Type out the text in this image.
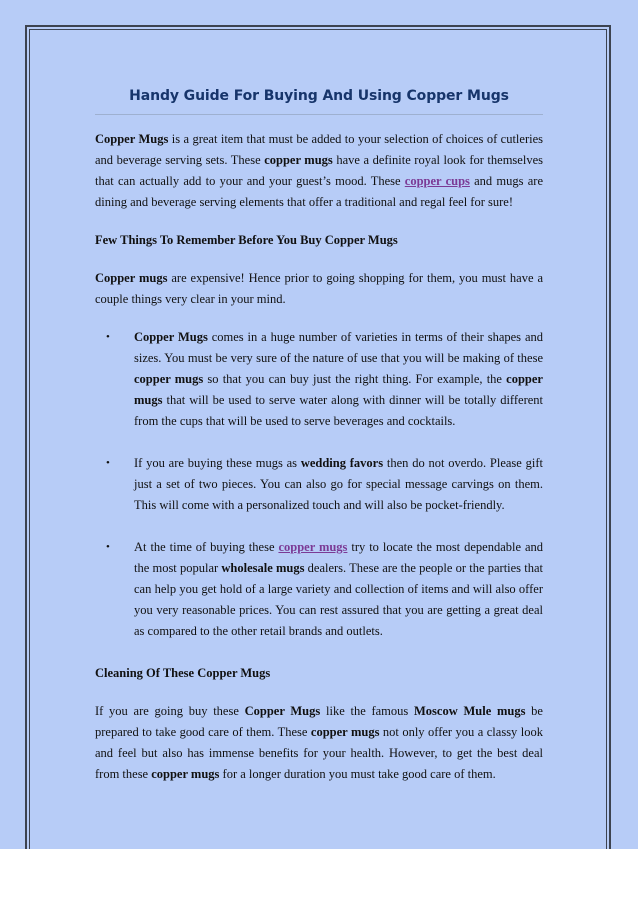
Handy Guide For Buying And Using Copper Mugs

Copper Mugs is a great item that must be added to your selection of choices of cutleries and beverage serving sets. These copper mugs have a definite royal look for themselves that can actually add to your and your guest’s mood. These copper cups and mugs are dining and beverage serving elements that offer a traditional and regal feel for sure!

Few Things To Remember Before You Buy Copper Mugs

Copper mugs are expensive! Hence prior to going shopping for them, you must have a couple things very clear in your mind.

• Copper Mugs comes in a huge number of varieties in terms of their shapes and sizes. You must be very sure of the nature of use that you will be making of these copper mugs so that you can buy just the right thing. For example, the copper mugs that will be used to serve water along with dinner will be totally different from the cups that will be used to serve beverages and cocktails.
• If you are buying these mugs as wedding favors then do not overdo. Please gift just a set of two pieces. You can also go for special message carvings on them. This will come with a personalized touch and will also be pocket-friendly.
• At the time of buying these copper mugs try to locate the most dependable and the most popular wholesale mugs dealers. These are the people or the parties that can help you get hold of a large variety and collection of items and will also offer you very reasonable prices. You can rest assured that you are getting a great deal as compared to the other retail brands and outlets.

Cleaning Of These Copper Mugs

If you are going buy these Copper Mugs like the famous Moscow Mule mugs be prepared to take good care of them. These copper mugs not only offer you a classy look and feel but also has immense benefits for your health. However, to get the best deal from these copper mugs for a longer duration you must take good care of them.
